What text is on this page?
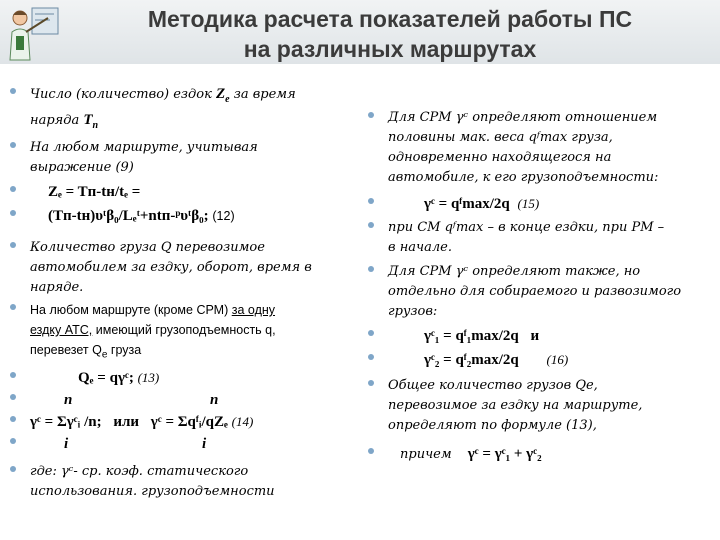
Методика расчета показателей работы ПС
на различных маршрутах
Число (количество) ездок $Z_e$ за время
наряда $T_п$
На любом маршруте, учитывая
выражение (9)
Zₑ = Tп-tн/tₑ =
(Tп-tн)υᵗβ₀/Lₑᵗ+ntп-ᵖυᵗβ₀; (12)
Количество груза Q перевозимое
автомобилем за ездку, оборот, время в
наряде.
На любом маршруте (кроме СРМ) за одну
ездку АТС, имеющий грузоподъемность q,
перевезет $Q_е$ груза
Qₑ = qγᶜ; (13)
n	n
γᶜ = Σγᶜᵢ /n; или γᶜ = Σqᶠᵢ/qZₑ (14)
i	i
где: γᶜ- ср. коэф. статического
использования. грузоподъемности
Для СРМ γᶜ определяют отношением
половины мак. веса qᶠmax груза,
одновременно находящегося на
автомобиле, к его грузоподъемности:
γᶜ = qᶠmax/2q (15)
при СМ qᶠmax – в конце ездки, при РМ –
в начале.
Для СРМ γᶜ определяют также, но
отдельно для собираемого и развозимого
грузов:
γᶜ₁ = qᶠ₁max/2q и
γᶜ₂ = qᶠ₂max/2q (16)
Общее количество грузов Qe,
перевозимое за ездку на маршруте,
определяют по формуле (13),
причем γᶜ = γᶜ₁ + γᶜ₂
